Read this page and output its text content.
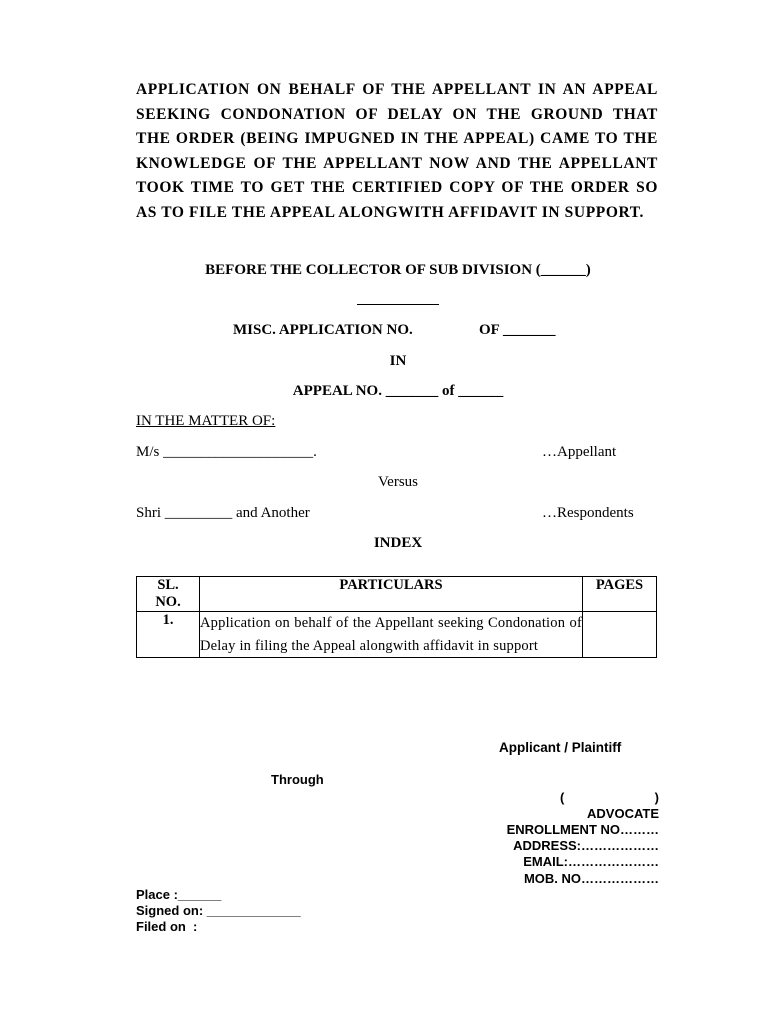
APPLICATION ON BEHALF OF THE APPELLANT IN AN APPEAL SEEKING CONDONATION OF DELAY ON THE GROUND THAT THE ORDER (BEING IMPUGNED IN THE APPEAL) CAME TO THE KNOWLEDGE OF THE APPELLANT NOW AND THE APPELLANT TOOK TIME TO GET THE CERTIFIED COPY OF THE ORDER SO AS TO FILE THE APPEAL ALONGWITH AFFIDAVIT IN SUPPORT.
BEFORE THE COLLECTOR OF SUB DIVISION (______)
MISC. APPLICATION NO.	OF _______
IN
APPEAL NO. _______ of ______
IN THE MATTER OF:
M/s ____________________.	…Appellant
Versus
Shri _________ and Another	…Respondents
INDEX
SL.
NO.	PARTICULARS	PAGES
1.	Application on behalf of the Appellant seeking Condonation of Delay in filing the Appeal alongwith affidavit in support	
Applicant / Plaintiff
Through
(                         )
ADVOCATE
ENROLLMENT NO………
ADDRESS:………………
EMAIL:…………………
MOB. NO………………
Place :______
Signed on: _____________
Filed on  :
